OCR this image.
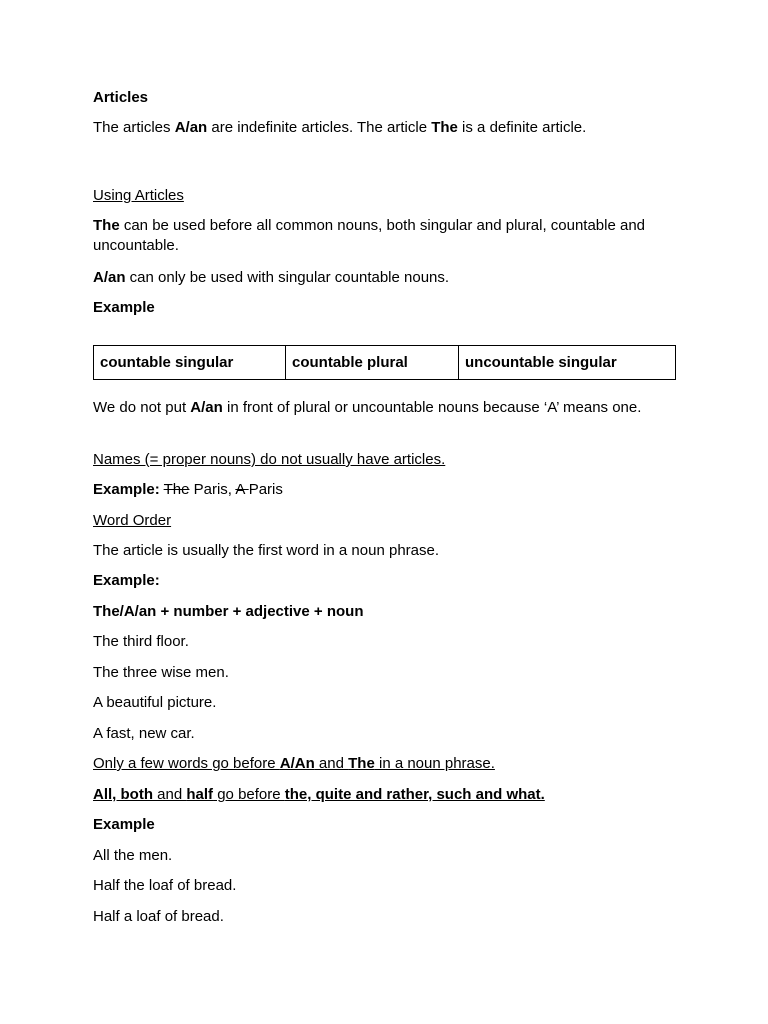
Articles
The articles A/an are indefinite articles. The article The is a definite article.
Using Articles
The can be used before all common nouns, both singular and plural, countable and uncountable.
A/an can only be used with singular countable nouns.
Example
countable singular	countable plural	uncountable singular
We do not put A/an in front of plural or uncountable nouns because ‘A’ means one.
Names (= proper nouns) do not usually have articles.
Example: The Paris, A Paris
Word Order
The article is usually the first word in a noun phrase.
Example:
The/A/an + number + adjective + noun
The third floor.
The three wise men.
A beautiful picture.
A fast, new car.
Only a few words go before A/An and The in a noun phrase.
All, both and half go before the, quite and rather, such and what.
Example
All the men.
Half the loaf of bread.
Half a loaf of bread.
